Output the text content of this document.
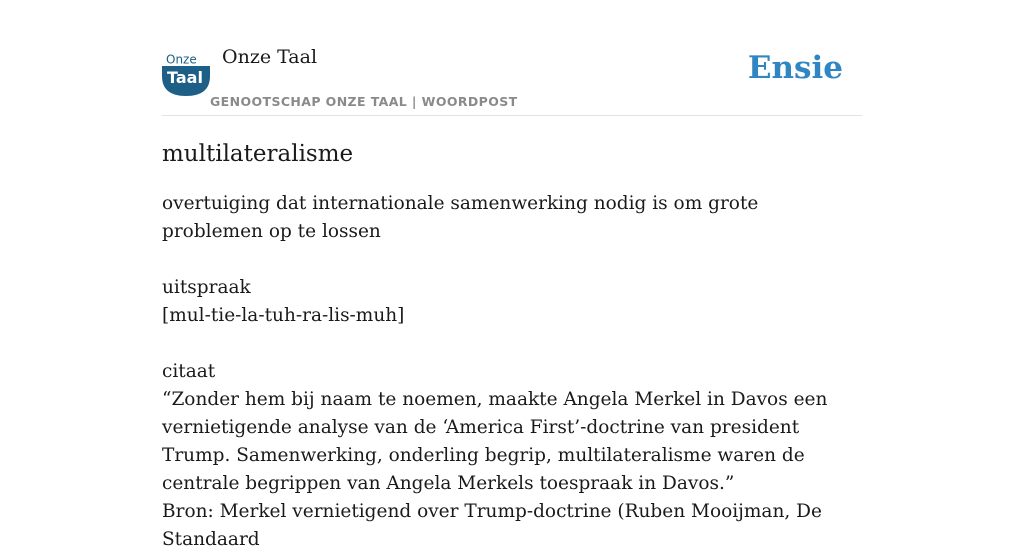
Onze
Taal
Onze Taal
GENOOTSCHAP ONZE TAAL | WOORDPOST
Ensie
multilateralisme

overtuiging dat internationale samenwerking nodig is om grote problemen op te lossen

uitspraak

[mul-tie-la-tuh-ra-lis-muh]

citaat

“Zonder hem bij naam te noemen, maakte Angela Merkel in Davos een vernietigende analyse van de ‘America First’-doctrine van president Trump. Samenwerking, onderling begrip, multilateralisme waren de centrale begrippen van Angela Merkels toespraak in Davos.”

Bron: Merkel vernietigend over Trump-doctrine (Ruben Mooijman, De Standaard
